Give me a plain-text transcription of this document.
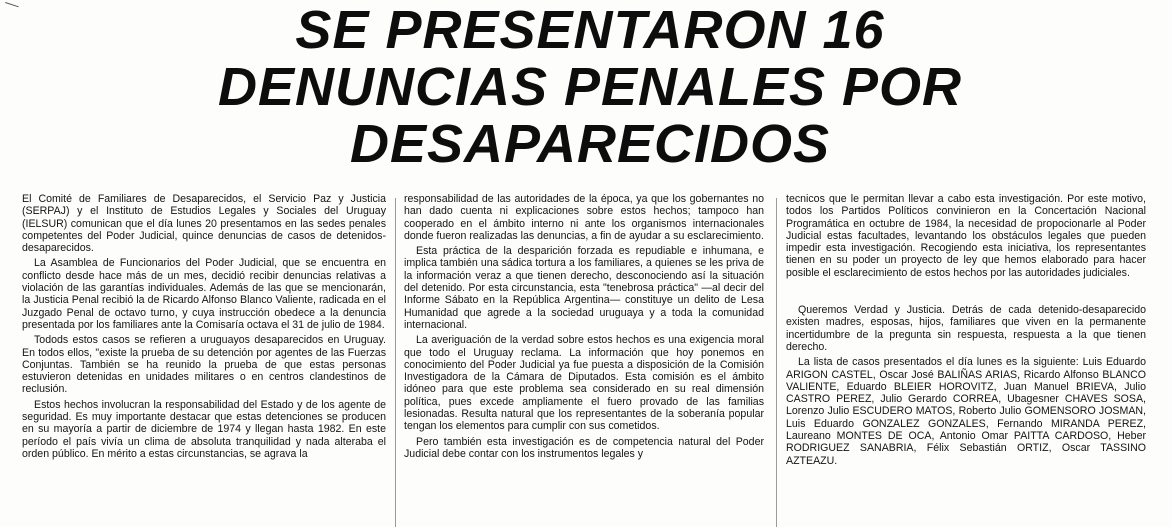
SE PRESENTARON 16
DENUNCIAS PENALES POR
DESAPARECIDOS

El Comité de Familiares de Desaparecidos, el Servicio Paz y Justicia (SERPAJ) y el Instituto de Estudios Legales y Sociales del Uruguay (IELSUR) comunican que el día lunes 20 presentamos en las sedes penales competentes del Poder Judicial, quince denuncias de casos de detenidos-desaparecidos.

La Asamblea de Funcionarios del Poder Judicial, que se encuentra en conflicto desde hace más de un mes, decidió recibir denuncias relativas a violación de las garantías individuales. Además de las que se mencionarán, la Justicia Penal recibió la de Ricardo Alfonso Blanco Valiente, radicada en el Juzgado Penal de octavo turno, y cuya instrucción obedece a la denuncia presentada por los familiares ante la Comisaría octava el 31 de julio de 1984.

Todods estos casos se refieren a uruguayos desaparecidos en Uruguay. En todos ellos, "existe la prueba de su detención por agentes de las Fuerzas Conjuntas. También se ha reunido la prueba de que estas personas estuvieron detenidas en unidades militares o en centros clandestinos de reclusión.

Estos hechos involucran la responsabilidad del Estado y de los agente de seguridad. Es muy importante destacar que estas detenciones se producen en su mayoría a partir de diciembre de 1974 y llegan hasta 1982. En este período el país vivía un clima de absoluta tranquilidad y nada alteraba el orden público. En mérito a estas circunstancias, se agrava la

responsabilidad de las autoridades de la época, ya que los gobernantes no han dado cuenta ni explicaciones sobre estos hechos; tampoco han cooperado en el ámbito interno ni ante los organismos internacionales donde fueron realizadas las denuncias, a fin de ayudar a su esclarecimiento.

Esta práctica de la desparición forzada es repudiable e inhumana, e implica también una sádica tortura a los familiares, a quienes se les priva de la información veraz a que tienen derecho, desconociendo así la situación del detenido. Por esta circunstancia, esta "tenebrosa práctica" —al decir del Informe Sábato en la República Argentina— constituye un delito de Lesa Humanidad que agrede a la sociedad uruguaya y a toda la comunidad internacional.

La averiguación de la verdad sobre estos hechos es una exigencia moral que todo el Uruguay reclama. La información que hoy ponemos en conocimiento del Poder Judicial ya fue puesta a disposición de la Comisión Investigadora de la Cámara de Diputados. Esta comisión es el ámbito idóneo para que este problema sea considerado en su real dimensión política, pues excede ampliamente el fuero provado de las familias lesionadas. Resulta natural que los representantes de la soberanía popular tengan los elementos para cumplir con sus cometidos.

Pero también esta investigación es de competencia natural del Poder Judicial debe contar con los instrumentos legales y

tecnicos que le permitan llevar a cabo esta investigación. Por este motivo, todos los Partidos Políticos convinieron en la Concertación Nacional Programática en octubre de 1984, la necesidad de propocionarle al Poder Judicial estas facultades, levantando los obstáculos legales que pueden impedir esta investigación. Recogiendo esta iniciativa, los representantes tienen en su poder un proyecto de ley que hemos elaborado para hacer posible el esclarecimiento de estos hechos por las autoridades judiciales.

Queremos Verdad y Justicia. Detrás de cada detenido-desaparecido existen madres, esposas, hijos, familiares que viven en la permanente incertidumbre de la pregunta sin respuesta, respuesta a la que tienen derecho.

La lista de casos presentados el día lunes es la siguiente: Luis Eduardo ARIGON CASTEL, Oscar José BALIÑAS ARIAS, Ricardo Alfonso BLANCO VALIENTE, Eduardo BLEIER HOROVITZ, Juan Manuel BRIEVA, Julio CASTRO PEREZ, Julio Gerardo CORREA, Ubagesner CHAVES SOSA, Lorenzo Julio ESCUDERO MATOS, Roberto Julio GOMENSORO JOSMAN, Luis Eduardo GONZALEZ GONZALES, Fernando MIRANDA PEREZ, Laureano MONTES DE OCA, Antonio Omar PAITTA CARDOSO, Heber RODRIGUEZ SANABRIA, Félix Sebastián ORTIZ, Oscar TASSINO AZTEAZU.
